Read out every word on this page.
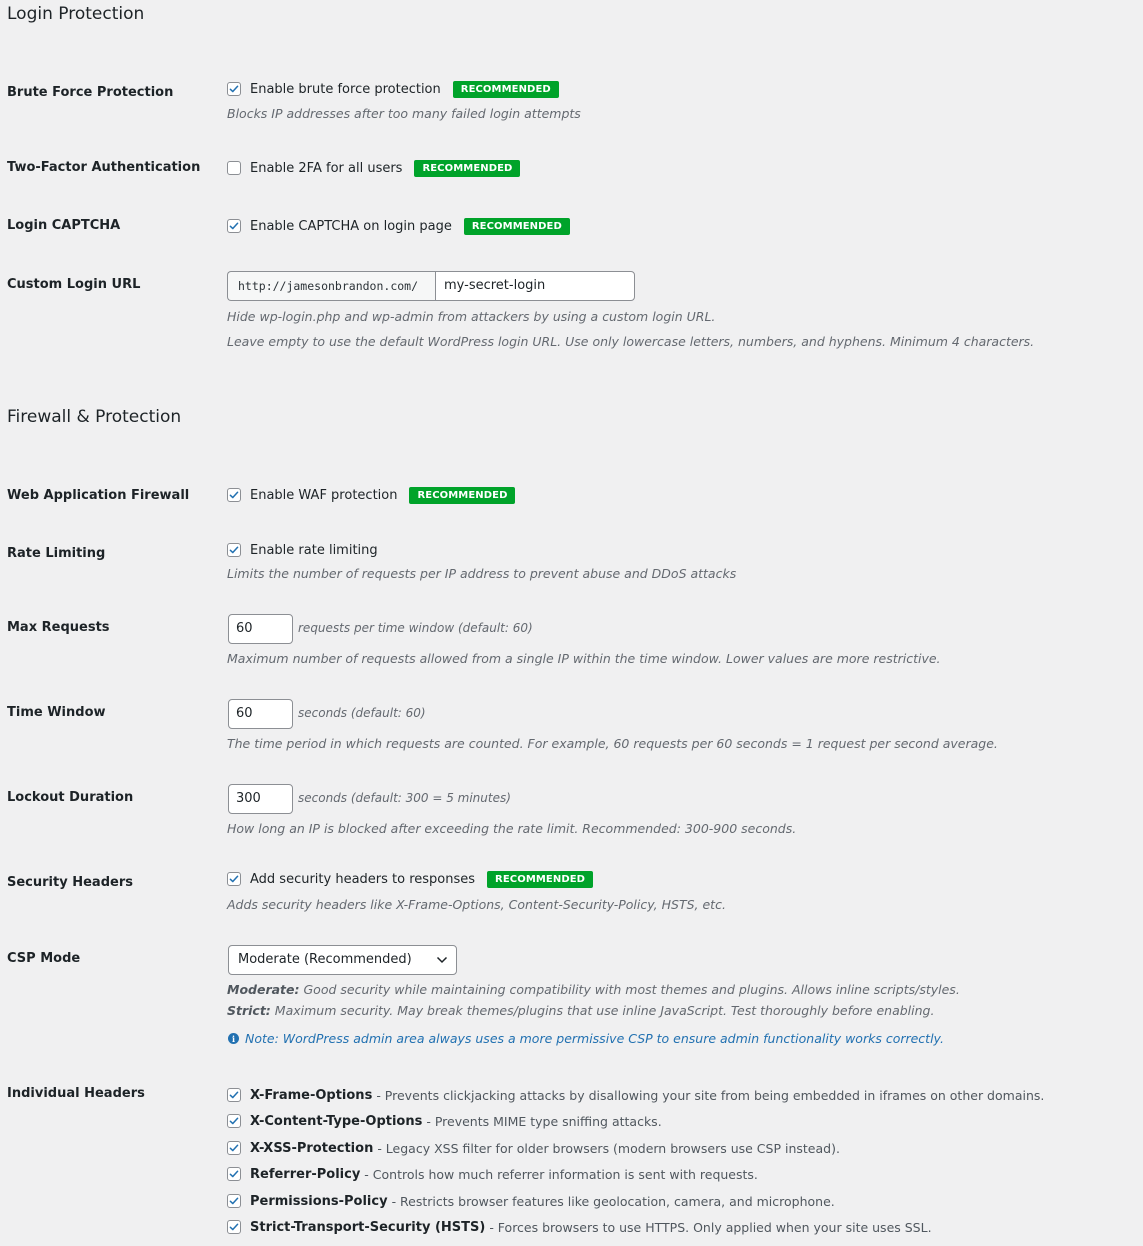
Login Protection
Brute Force Protection	Enable brute force protection	RECOMMENDED
Blocks IP addresses after too many failed login attempts
Two-Factor Authentication	Enable 2FA for all users	RECOMMENDED
Login CAPTCHA	Enable CAPTCHA on login page	RECOMMENDED
Custom Login URL	http://jamesonbrandon.com/	my-secret-login
Hide wp-login.php and wp-admin from attackers by using a custom login URL.
Leave empty to use the default WordPress login URL. Use only lowercase letters, numbers, and hyphens. Minimum 4 characters.
Firewall & Protection
Web Application Firewall	Enable WAF protection	RECOMMENDED
Rate Limiting	Enable rate limiting
Limits the number of requests per IP address to prevent abuse and DDoS attacks
Max Requests	60	requests per time window (default: 60)
Maximum number of requests allowed from a single IP within the time window. Lower values are more restrictive.
Time Window	60	seconds (default: 60)
The time period in which requests are counted. For example, 60 requests per 60 seconds = 1 request per second average.
Lockout Duration	300	seconds (default: 300 = 5 minutes)
How long an IP is blocked after exceeding the rate limit. Recommended: 300-900 seconds.
Security Headers	Add security headers to responses	RECOMMENDED
Adds security headers like X-Frame-Options, Content-Security-Policy, HSTS, etc.
CSP Mode	Moderate (Recommended)
Moderate: Good security while maintaining compatibility with most themes and plugins. Allows inline scripts/styles.
Strict: Maximum security. May break themes/plugins that use inline JavaScript. Test thoroughly before enabling.
i Note: WordPress admin area always uses a more permissive CSP to ensure admin functionality works correctly.
Individual Headers	X-Frame-Options - Prevents clickjacking attacks by disallowing your site from being embedded in iframes on other domains.
X-Content-Type-Options - Prevents MIME type sniffing attacks.
X-XSS-Protection - Legacy XSS filter for older browsers (modern browsers use CSP instead).
Referrer-Policy - Controls how much referrer information is sent with requests.
Permissions-Policy - Restricts browser features like geolocation, camera, and microphone.
Strict-Transport-Security (HSTS) - Forces browsers to use HTTPS. Only applied when your site uses SSL.
